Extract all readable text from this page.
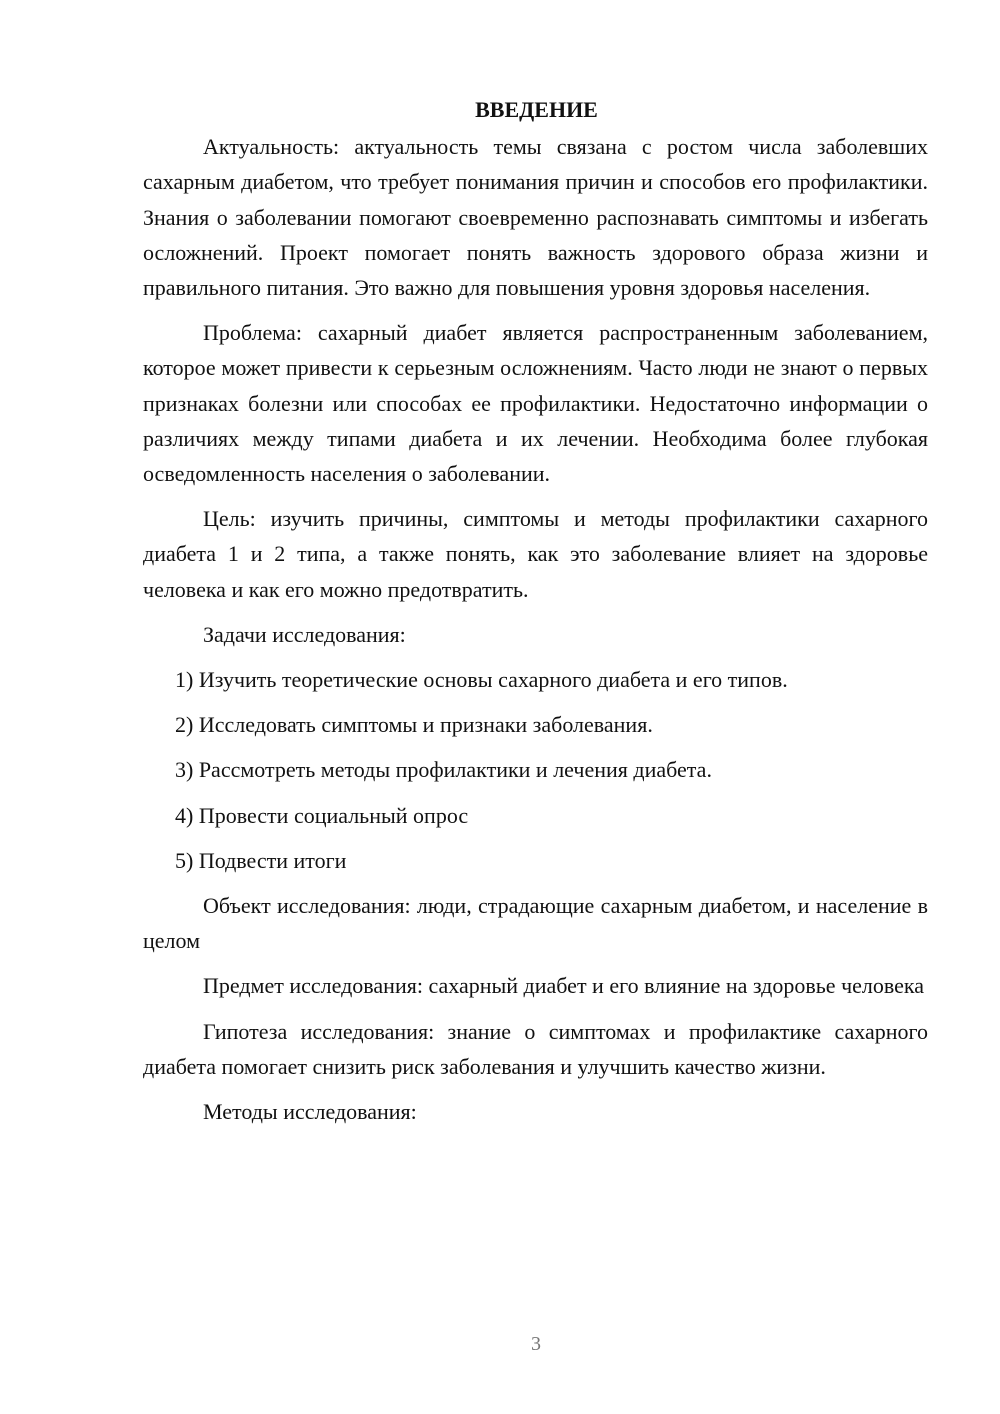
ВВЕДЕНИЕ

Актуальность: актуальность темы связана с ростом числа заболевших сахарным диабетом, что требует понимания причин и способов его профилактики. Знания о заболевании помогают своевременно распознавать симптомы и избегать осложнений. Проект помогает понять важность здорового образа жизни и правильного питания. Это важно для повышения уровня здоровья населения.

Проблема: сахарный диабет является распространенным заболеванием, которое может привести к серьезным осложнениям. Часто люди не знают о первых признаках болезни или способах ее профилактики. Недостаточно информации о различиях между типами диабета и их лечении. Необходима более глубокая осведомленность населения о заболевании.

Цель: изучить причины, симптомы и методы профилактики сахарного диабета 1 и 2 типа, а также понять, как это заболевание влияет на здоровье человека и как его можно предотвратить.

Задачи исследования:

1) Изучить теоретические основы сахарного диабета и его типов.
2) Исследовать симптомы и признаки заболевания.
3) Рассмотреть методы профилактики и лечения диабета.
4) Провести социальный опрос
5) Подвести итоги

Объект исследования: люди, страдающие сахарным диабетом, и население в целом

Предмет исследования: сахарный диабет и его влияние на здоровье человека

Гипотеза исследования: знание о симптомах и профилактике сахарного диабета помогает снизить риск заболевания и улучшить качество жизни.

Методы исследования:

3
